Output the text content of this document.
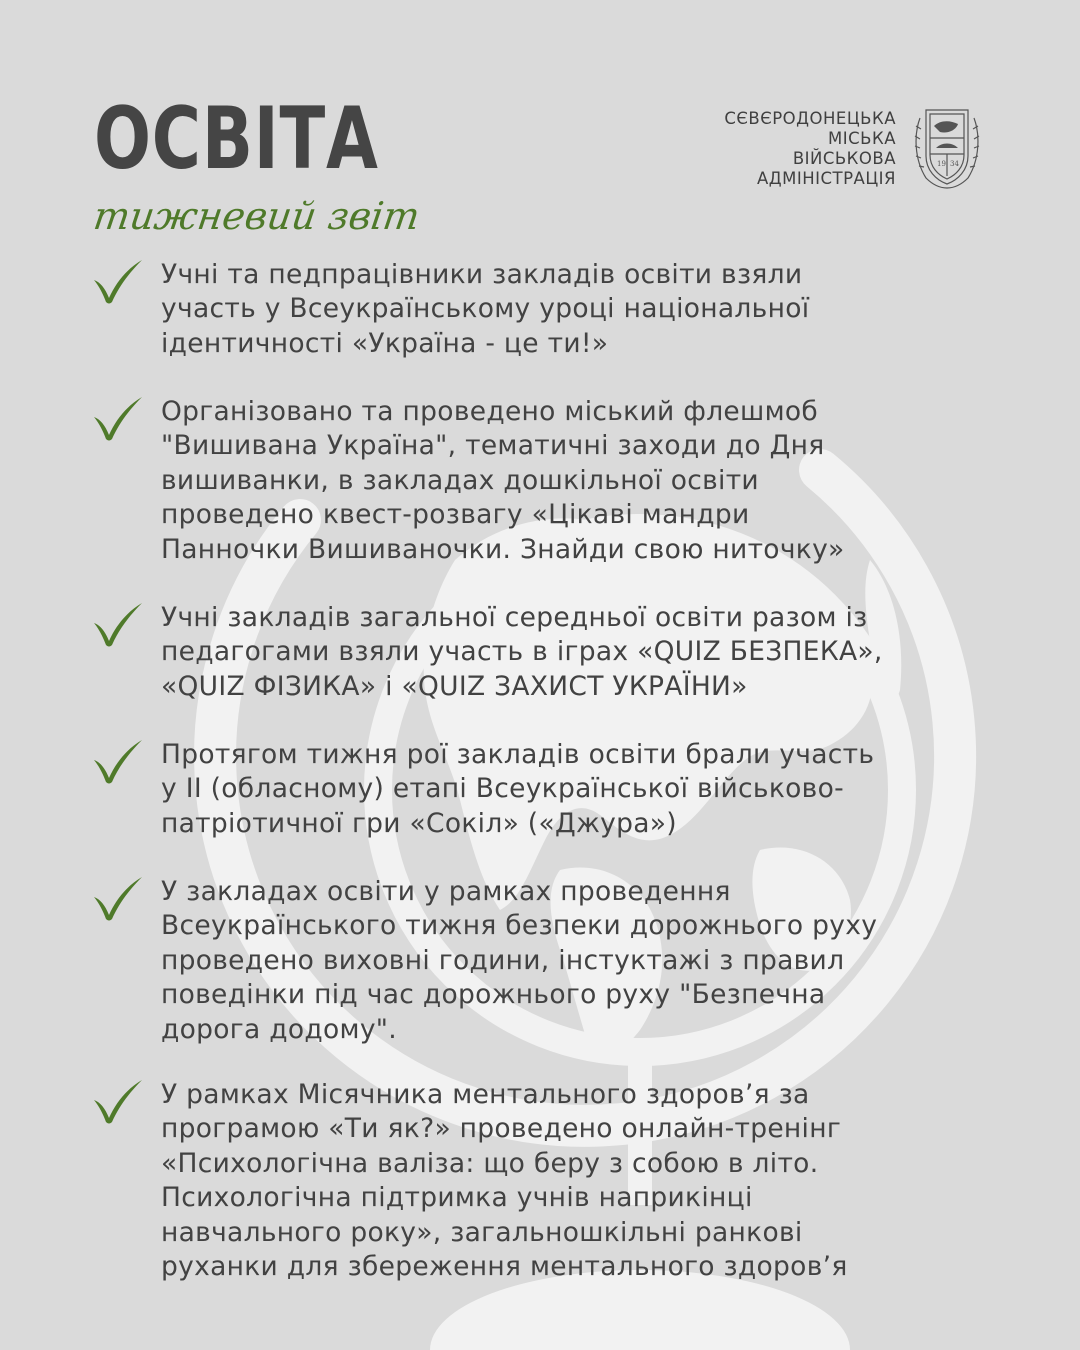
ОСВІТА
тижневий звіт
СЄВЄРОДОНЕЦЬКА
МІСЬКА
ВІЙСЬКОВА
АДМІНІСТРАЦІЯ
19 34
Учні та педпрацівники закладів освіти взяли
участь у Всеукраїнському уроці національної
ідентичності «Україна - це ти!»
Організовано та проведено міський флешмоб
"Вишивана Україна", тематичні заходи до Дня
вишиванки, в закладах дошкільної освіти
проведено квест-розвагу «Цікаві мандри
Панночки Вишиваночки. Знайди свою ниточку»
Учні закладів загальної середньої освіти разом із
педагогами взяли участь в іграх «QUIZ БЕЗПЕКА»,
«QUIZ ФІЗИКА» і «QUIZ ЗАХИСТ УКРАЇНИ»
Протягом тижня рої закладів освіти брали участь
у ІІ (обласному) етапі Всеукраїнської військово-
патріотичної гри «Сокіл» («Джура»)
У закладах освіти у рамках проведення
Всеукраїнського тижня безпеки дорожнього руху
проведено виховні години, інстуктажі з правил
поведінки під час дорожнього руху "Безпечна
дорога додому".
У рамках Місячника ментального здоров’я за
програмою «Ти як?» проведено онлайн-тренінг
«Психологічна валіза: що беру з собою в літо.
Психологічна підтримка учнів наприкінці
навчального року», загальношкільні ранкові
руханки для збереження ментального здоров’я
